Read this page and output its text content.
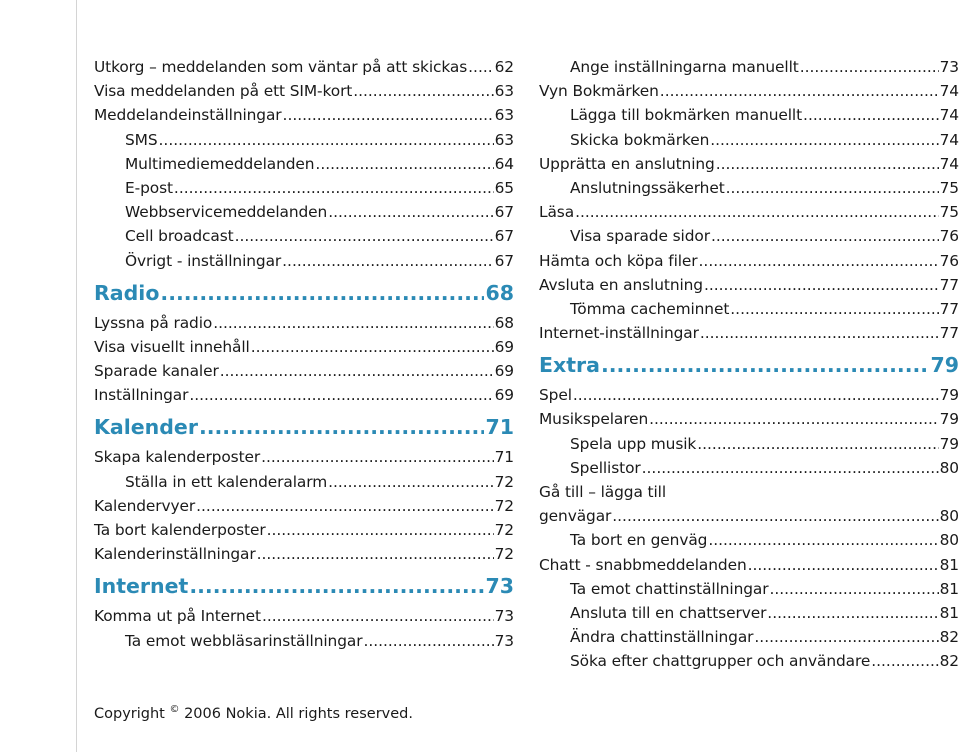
Utkorg – meddelanden som väntar på att skickas ..... 62
Visa meddelanden på ett SIM-kort .....	63
Meddelandeinställningar .....	63
SMS .....	63
Multimediemeddelanden .....	64
E-post .....	65
Webbservicemeddelanden .....	67
Cell broadcast .....	67
Övrigt - inställningar .....	67
Radio .....	68
Lyssna på radio .....	68
Visa visuellt innehåll .....	69
Sparade kanaler .....	69
Inställningar .....	69
Kalender .....	71
Skapa kalenderposter .....	71
Ställa in ett kalenderalarm .....	72
Kalendervyer .....	72
Ta bort kalenderposter .....	72
Kalenderinställningar .....	72
Internet .....	73
Komma ut på Internet .....	73
Ta emot webbläsarinställningar .....	73
Ange inställningarna manuellt .....	73
Vyn Bokmärken .....	74
Lägga till bokmärken manuellt .....	74
Skicka bokmärken .....	74
Upprätta en anslutning .....	74
Anslutningssäkerhet .....	75
Läsa .....	75
Visa sparade sidor .....	76
Hämta och köpa filer .....	76
Avsluta en anslutning .....	77
Tömma cacheminnet .....	77
Internet-inställningar .....	77
Extra .....	79
Spel .....	79
Musikspelaren .....	79
Spela upp musik .....	79
Spellistor .....	80
Gå till – lägga till
genvägar .....	80
Ta bort en genväg .....	80
Chatt - snabbmeddelanden .....	81
Ta emot chattinställningar .....	81
Ansluta till en chattserver .....	81
Ändra chattinställningar .....	82
Söka efter chattgrupper och användare .....	82
Copyright © 2006 Nokia. All rights reserved.
